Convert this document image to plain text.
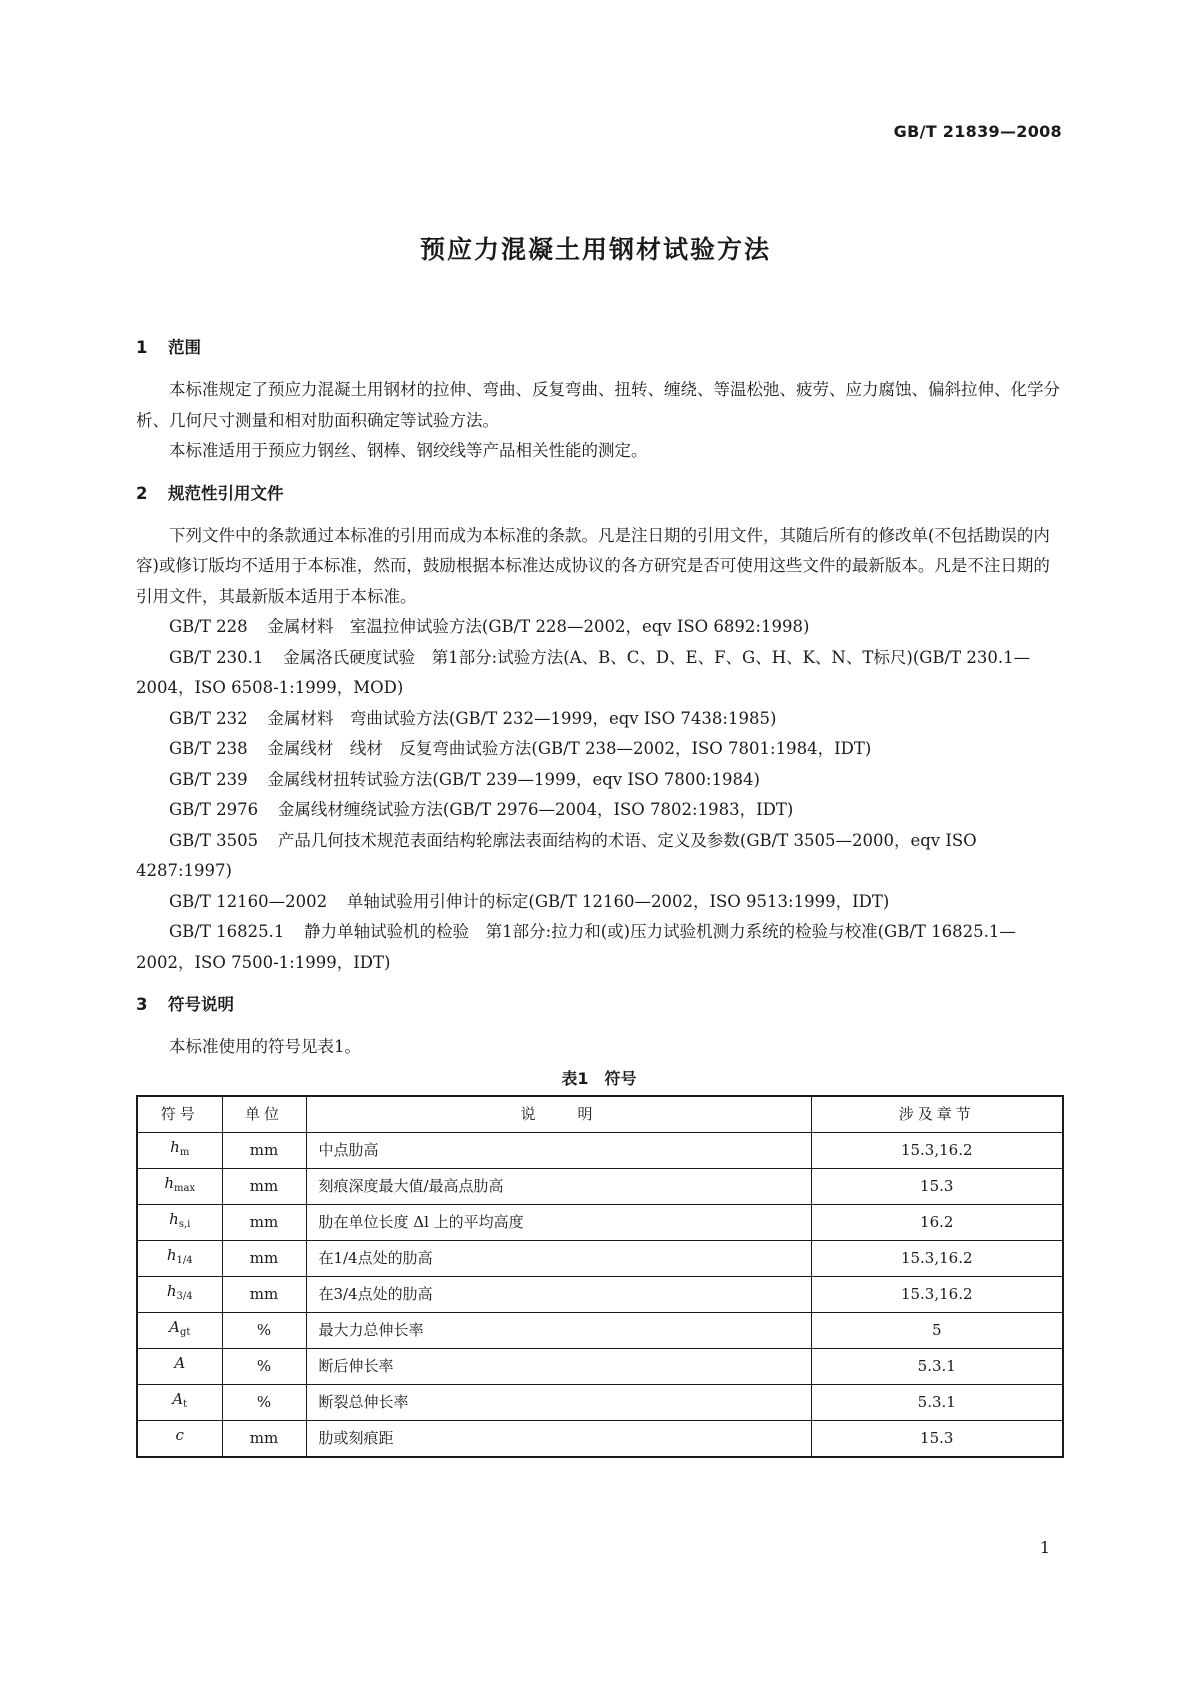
GB/T 21839—2008
预应力混凝土用钢材试验方法
1 范围

本标准规定了预应力混凝土用钢材的拉伸、弯曲、反复弯曲、扭转、缠绕、等温松弛、疲劳、应力腐蚀、偏斜拉伸、化学分析、几何尺寸测量和相对肋面积确定等试验方法。

本标准适用于预应力钢丝、钢棒、钢绞线等产品相关性能的测定。

2 规范性引用文件

下列文件中的条款通过本标准的引用而成为本标准的条款。凡是注日期的引用文件，其随后所有的修改单(不包括勘误的内容)或修订版均不适用于本标准，然而，鼓励根据本标准达成协议的各方研究是否可使用这些文件的最新版本。凡是不注日期的引用文件，其最新版本适用于本标准。

GB/T 228 金属材料　室温拉伸试验方法(GB/T 228—2002，eqv ISO 6892:1998)

GB/T 230.1 金属洛氏硬度试验　第1部分:试验方法(A、B、C、D、E、F、G、H、K、N、T标尺)(GB/T 230.1—2004，ISO 6508-1:1999，MOD)

GB/T 232 金属材料　弯曲试验方法(GB/T 232—1999，eqv ISO 7438:1985)

GB/T 238 金属线材　线材　反复弯曲试验方法(GB/T 238—2002，ISO 7801:1984，IDT)

GB/T 239 金属线材扭转试验方法(GB/T 239—1999，eqv ISO 7800:1984)

GB/T 2976 金属线材缠绕试验方法(GB/T 2976—2004，ISO 7802:1983，IDT)

GB/T 3505 产品几何技术规范表面结构轮廓法表面结构的术语、定义及参数(GB/T 3505—2000，eqv ISO 4287:1997)

GB/T 12160—2002 单轴试验用引伸计的标定(GB/T 12160—2002，ISO 9513:1999，IDT)

GB/T 16825.1 静力单轴试验机的检验　第1部分:拉力和(或)压力试验机测力系统的检验与校准(GB/T 16825.1—2002，ISO 7500-1:1999，IDT)

3 符号说明

本标准使用的符号见表1。

表1　符号
符号	单位	说　　明	涉及章节
$h_m$	mm	中点肋高	15.3,16.2
$h_{max}$	mm	刻痕深度最大值/最高点肋高	15.3
$h_{s,i}$	mm	肋在单位长度 Δl 上的平均高度	16.2
$h_{1/4}$	mm	在1/4点处的肋高	15.3,16.2
$h_{3/4}$	mm	在3/4点处的肋高	15.3,16.2
$A_{gt}$	%	最大力总伸长率	5
A	%	断后伸长率	5.3.1
$A_t$	%	断裂总伸长率	5.3.1
c	mm	肋或刻痕距	15.3
1
